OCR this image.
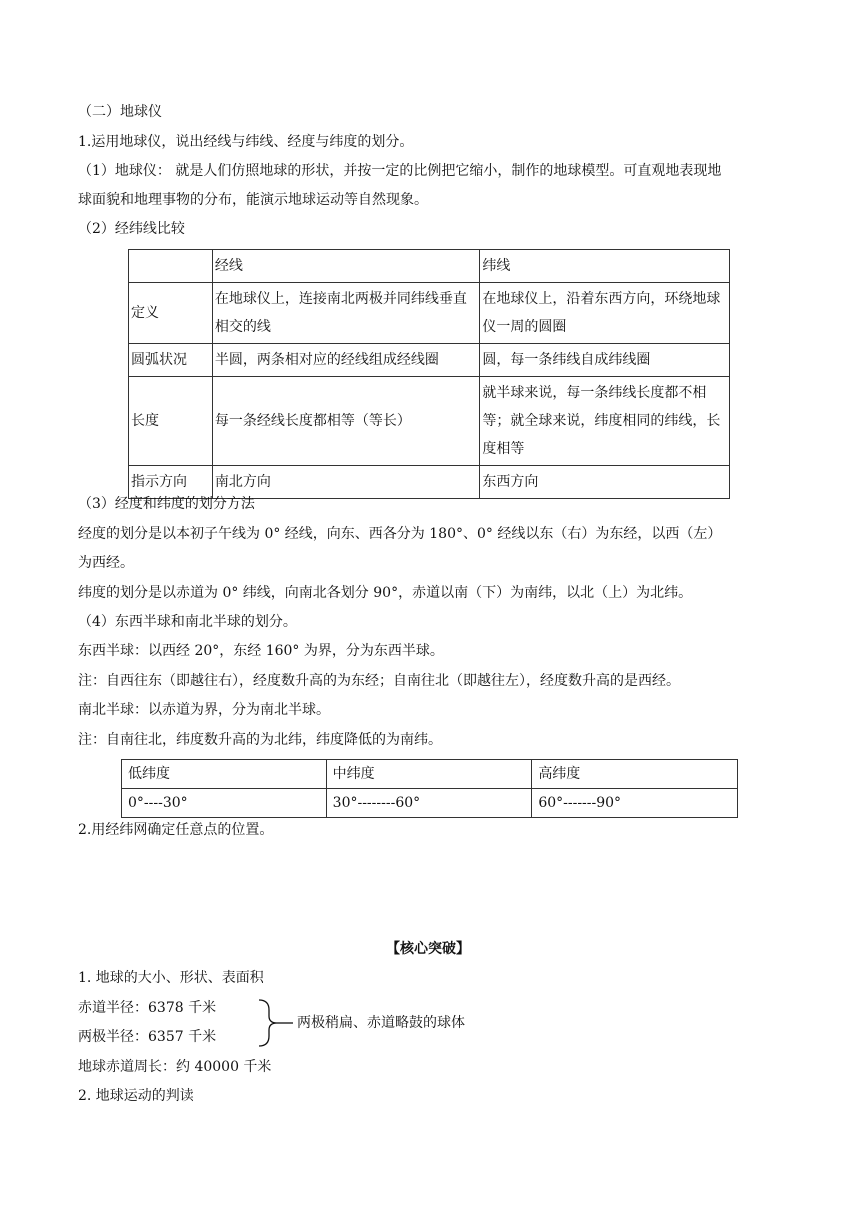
（二）地球仪
1.运用地球仪，说出经线与纬线、经度与纬度的划分。
（1）地球仪： 就是人们仿照地球的形状，并按一定的比例把它缩小，制作的地球模型。可直观地表现地
球面貌和地理事物的分布，能演示地球运动等自然现象。
（2）经纬线比较
	经线	纬线
定义	在地球仪上，连接南北两极并同纬线垂直相交的线	在地球仪上，沿着东西方向，环绕地球仪一周的圆圈
圆弧状况	半圆，两条相对应的经线组成经线圈	圆，每一条纬线自成纬线圈
长度	每一条经线长度都相等（等长）	就半球来说，每一条纬线长度都不相等；就全球来说，纬度相同的纬线，长度相等
指示方向	南北方向	东西方向
（3）经度和纬度的划分方法
经度的划分是以本初子午线为 0° 经线，向东、西各分为 180°、0° 经线以东（右）为东经，以西（左）
为西经。
纬度的划分是以赤道为 0° 纬线，向南北各划分 90°，赤道以南（下）为南纬，以北（上）为北纬。
（4）东西半球和南北半球的划分。
东西半球：以西经 20°，东经 160° 为界，分为东西半球。
注：自西往东（即越往右），经度数升高的为东经；自南往北（即越往左），经度数升高的是西经。
南北半球：以赤道为界，分为南北半球。
注：自南往北，纬度数升高的为北纬，纬度降低的为南纬。
低纬度	中纬度	高纬度
0°----30°	30°--------60°	60°-------90°
2.用经纬网确定任意点的位置。
【核心突破】
1. 地球的大小、形状、表面积
赤道半径：6378 千米
两极半径：6357 千米
两极稍扁、赤道略鼓的球体
地球赤道周长：约 40000 千米
2. 地球运动的判读
